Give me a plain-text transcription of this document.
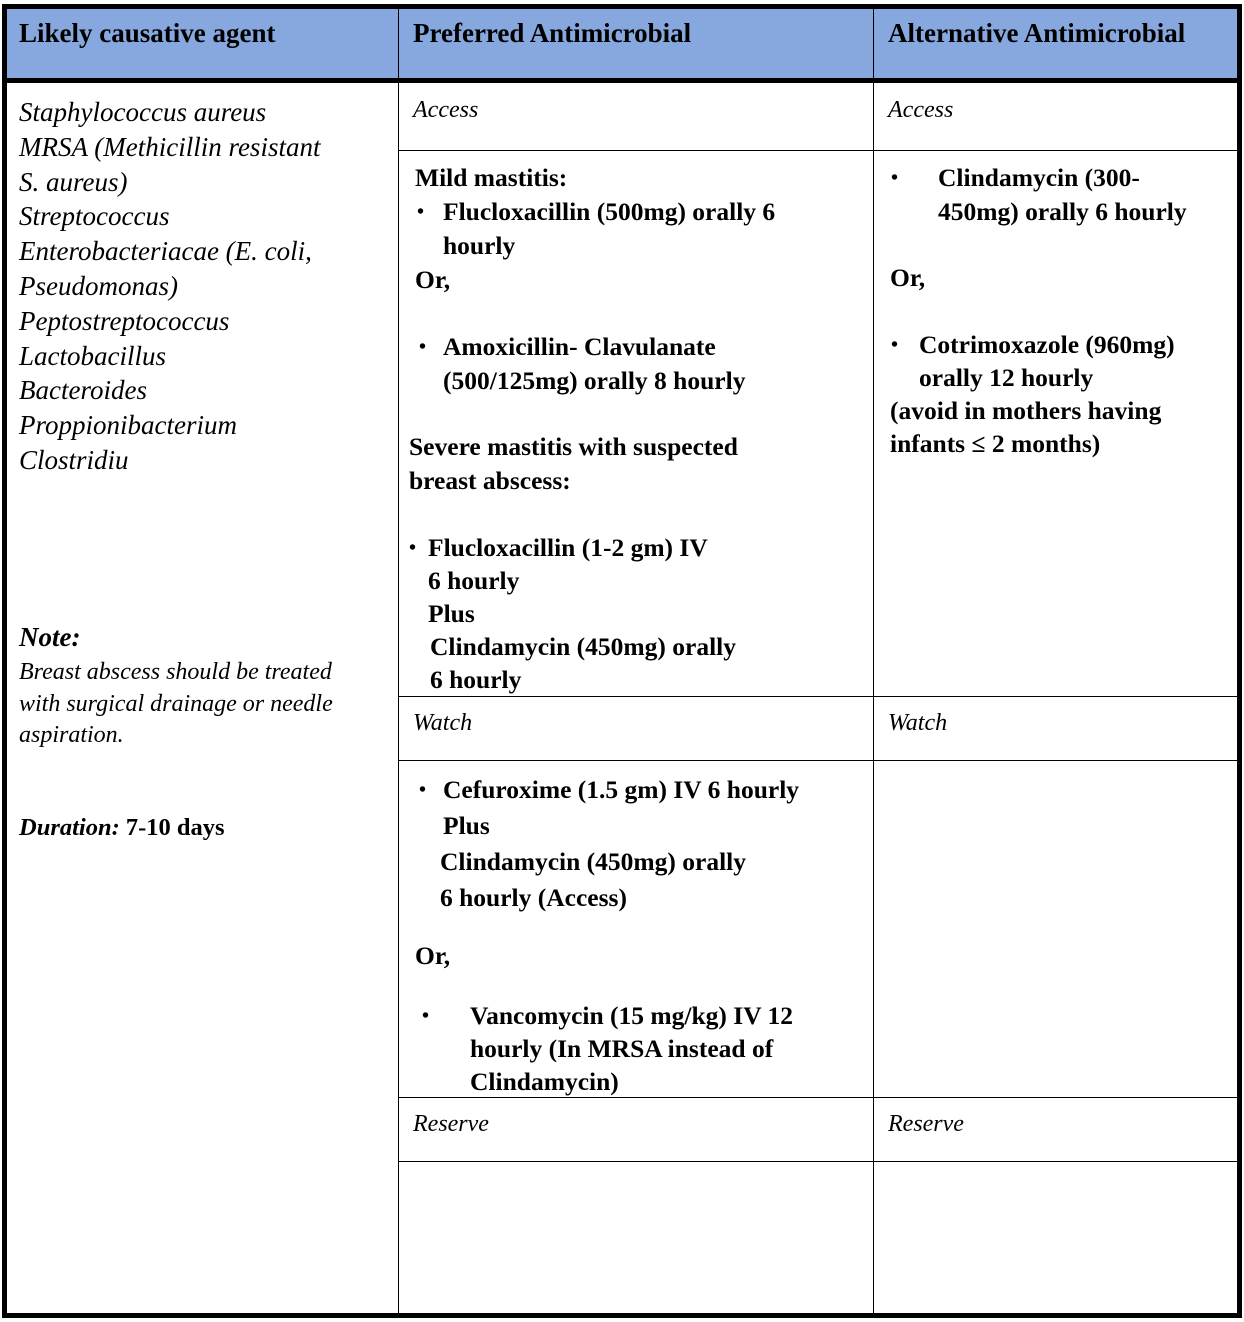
Likely causative agent	Preferred Antimicrobial	Alternative Antimicrobial
Staphylococcus aureus
MRSA (Methicillin resistant
S. aureus)
Streptococcus
Enterobacteriacae (E. coli,
Pseudomonas)
Peptostreptococcus
Lactobacillus
Bacteroides
Proppionibacterium
Clostridiu
Note:
Breast abscess should be treated
with surgical drainage or needle
aspiration.
Duration: 7-10 days
Access
Watch
Reserve
Access
Watch
Reserve
Mild mastitis:
• Flucloxacillin (500mg) orally 6
hourly
Or,
• Amoxicillin- Clavulanate
(500/125mg) orally 8 hourly
Severe mastitis with suspected
breast abscess:
• Flucloxacillin (1-2 gm) IV
6 hourly
Plus
Clindamycin (450mg) orally
6 hourly
• Cefuroxime (1.5 gm) IV 6 hourly
Plus
Clindamycin (450mg) orally
6 hourly (Access)
Or,
• Vancomycin (15 mg/kg) IV 12
hourly (In MRSA instead of
Clindamycin)
• Clindamycin (300-
450mg) orally 6 hourly
Or,
• Cotrimoxazole (960mg)
orally 12 hourly
(avoid in mothers having
infants ≤ 2 months)
